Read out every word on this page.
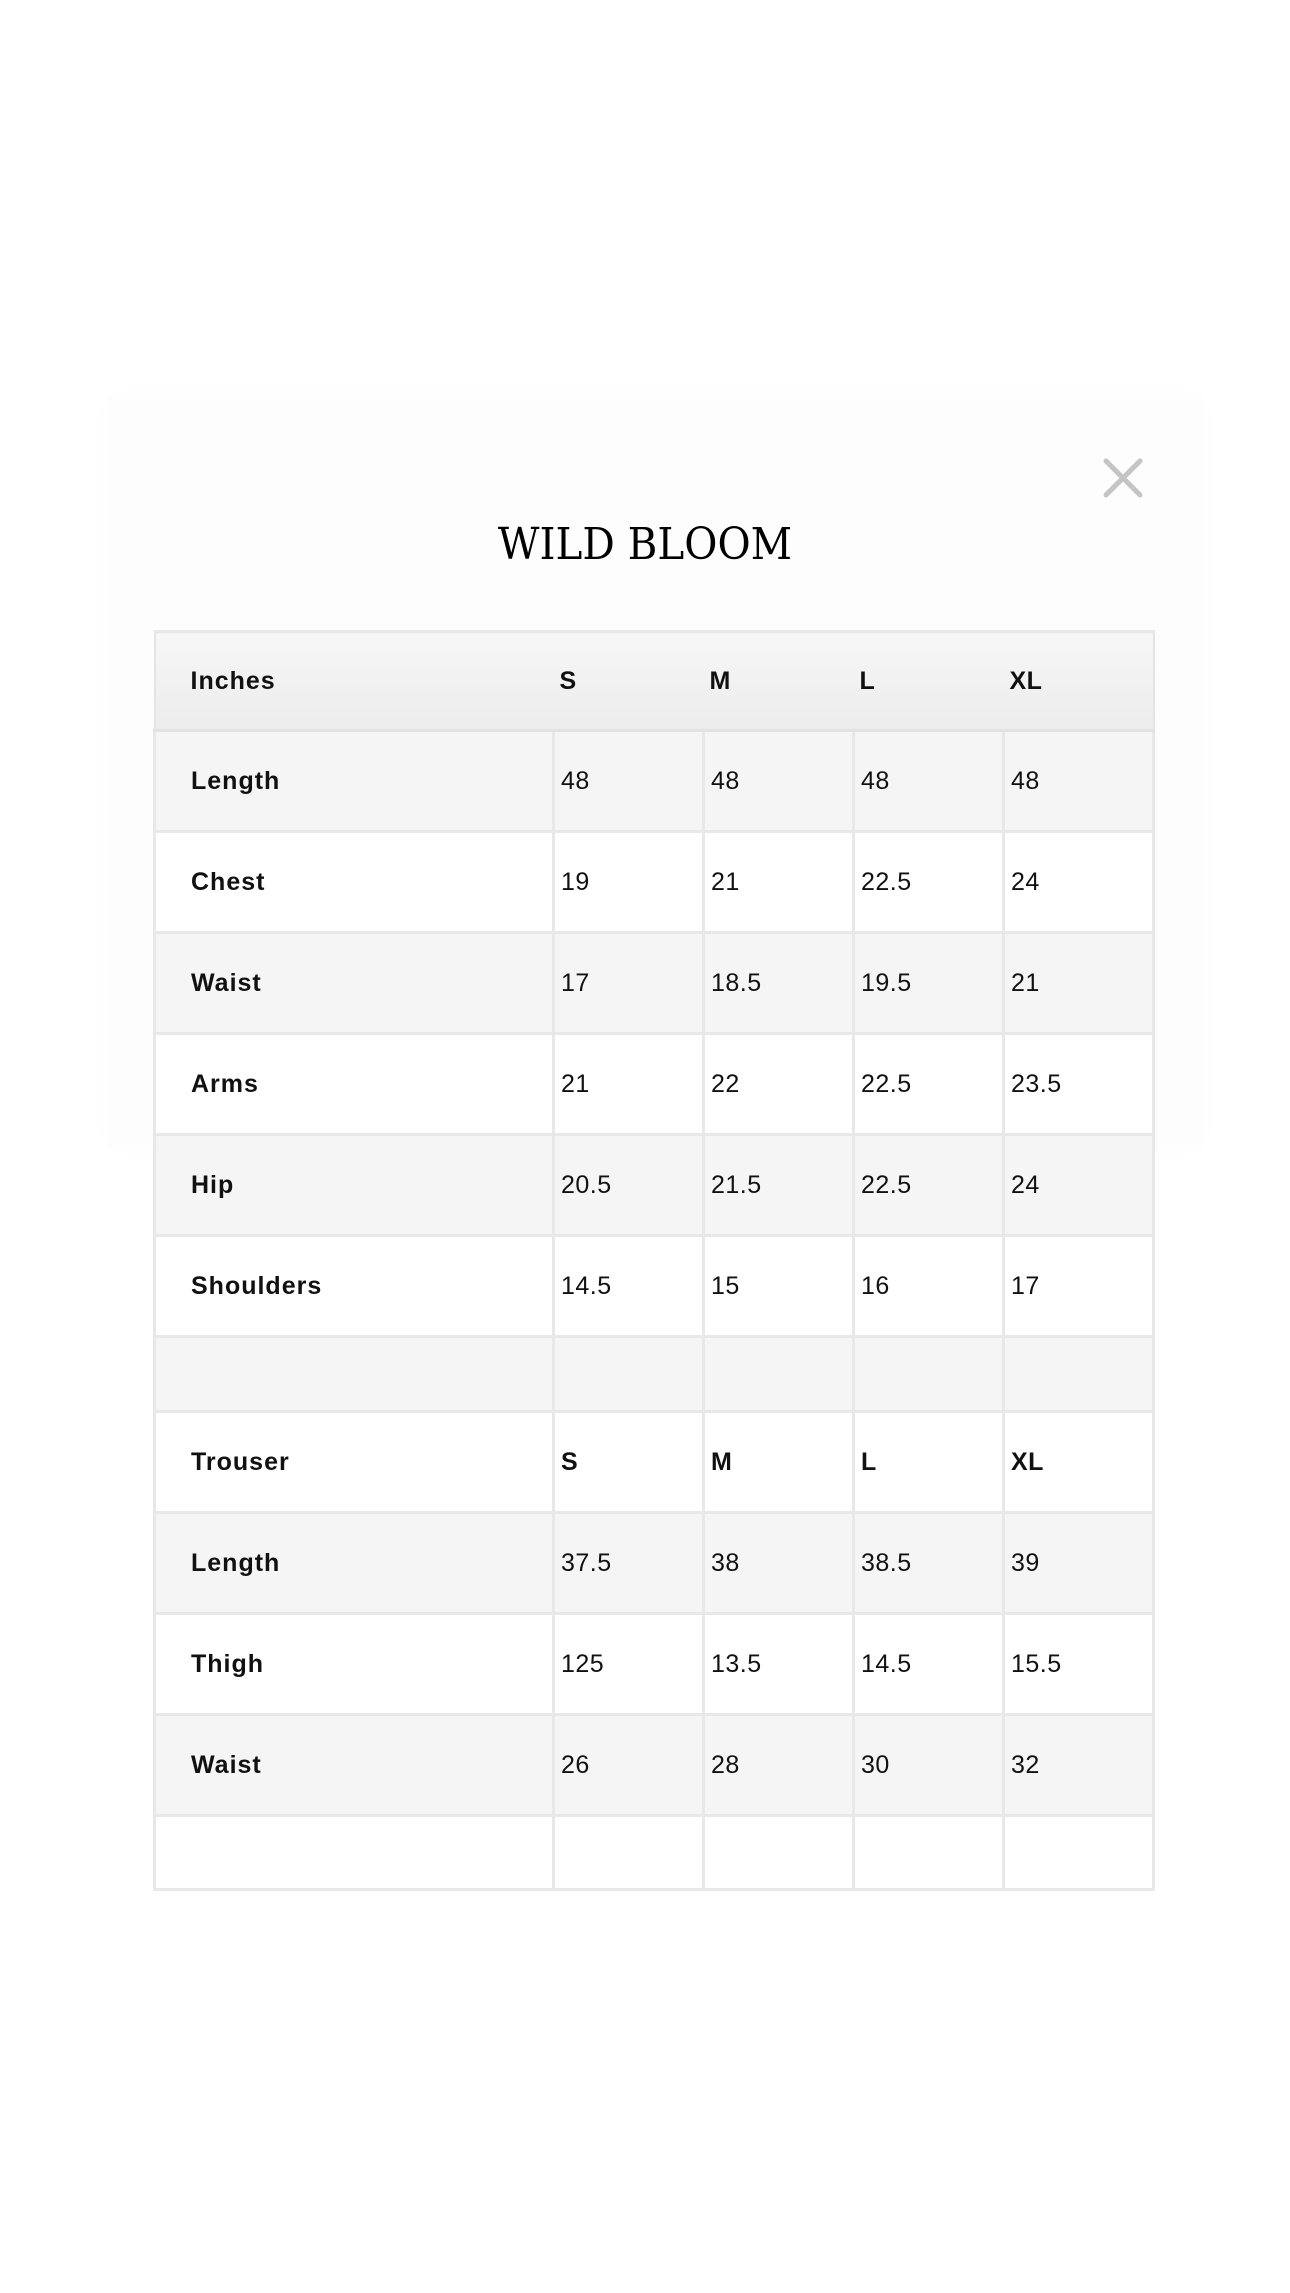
WILD BLOOM
Inches	S	M	L	XL
Length	48	48	48	48
Chest	19	21	22.5	24
Waist	17	18.5	19.5	21
Arms	21	22	22.5	23.5
Hip	20.5	21.5	22.5	24
Shoulders	14.5	15	16	17

Trouser	S	M	L	XL
Length	37.5	38	38.5	39
Thigh	125	13.5	14.5	15.5
Waist	26	28	30	32
